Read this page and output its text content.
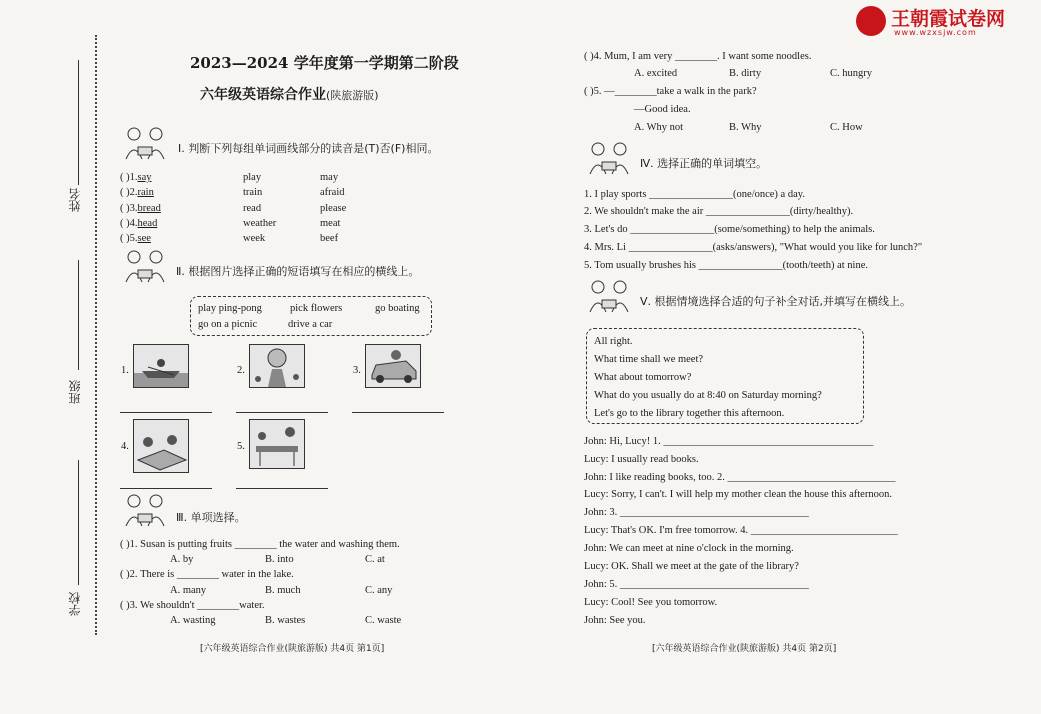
王朝霞试卷网
www.wzxsjw.com
姓名
班级
学校
2023—2024 学年度第一学期第二阶段
六年级英语综合作业(陕旅游版)
Ⅰ. 判断下列每组单词画线部分的读音是(T)否(F)相同。
( )1.say	play	may
( )2.rain	train	afraid
( )3.bread	read	please
( )4.head	weather	meat
( )5.see	week	beef
Ⅱ. 根据图片选择正确的短语填写在相应的横线上。
play ping-pong	pick flowers	go boating
go on a picnic	drive a car
1.	2.	3.
4.	5.
Ⅲ. 单项选择。
( )1. Susan is putting fruits ________ the water and washing them.
A. by	B. into	C. at
( )2. There is ________ water in the lake.
A. many	B. much	C. any
( )3. We shouldn't ________water.
A. wasting	B. wastes	C. waste
[六年级英语综合作业(陕旅游版) 共4页 第1页]
( )4. Mum, I am very ________. I want some noodles.
A. excited	B. dirty	C. hungry
( )5. —________take a walk in the park?
—Good idea.
A. Why not	B. Why	C. How
Ⅳ. 选择正确的单词填空。
1. I play sports ________________(one/once) a day.
2. We shouldn't make the air ________________(dirty/healthy).
3. Let's do ________________(some/something) to help the animals.
4. Mrs. Li ________________(asks/answers), "What would you like for lunch?"
5. Tom usually brushes his ________________(tooth/teeth) at nine.
Ⅴ. 根据情境选择合适的句子补全对话,并填写在横线上。
All right.
What time shall we meet?
What about tomorrow?
What do you usually do at 8:40 on Saturday morning?
Let's go to the library together this afternoon.
John: Hi, Lucy! 1. ________________________________________
Lucy: I usually read books.
John: I like reading books, too. 2. ________________________________
Lucy: Sorry, I can't. I will help my mother clean the house this afternoon.
John: 3. ____________________________________
Lucy: That's OK. I'm free tomorrow. 4. ____________________________
John: We can meet at nine o'clock in the morning.
Lucy: OK. Shall we meet at the gate of the library?
John: 5. ____________________________________
Lucy: Cool! See you tomorrow.
John: See you.
[六年级英语综合作业(陕旅游版) 共4页 第2页]
